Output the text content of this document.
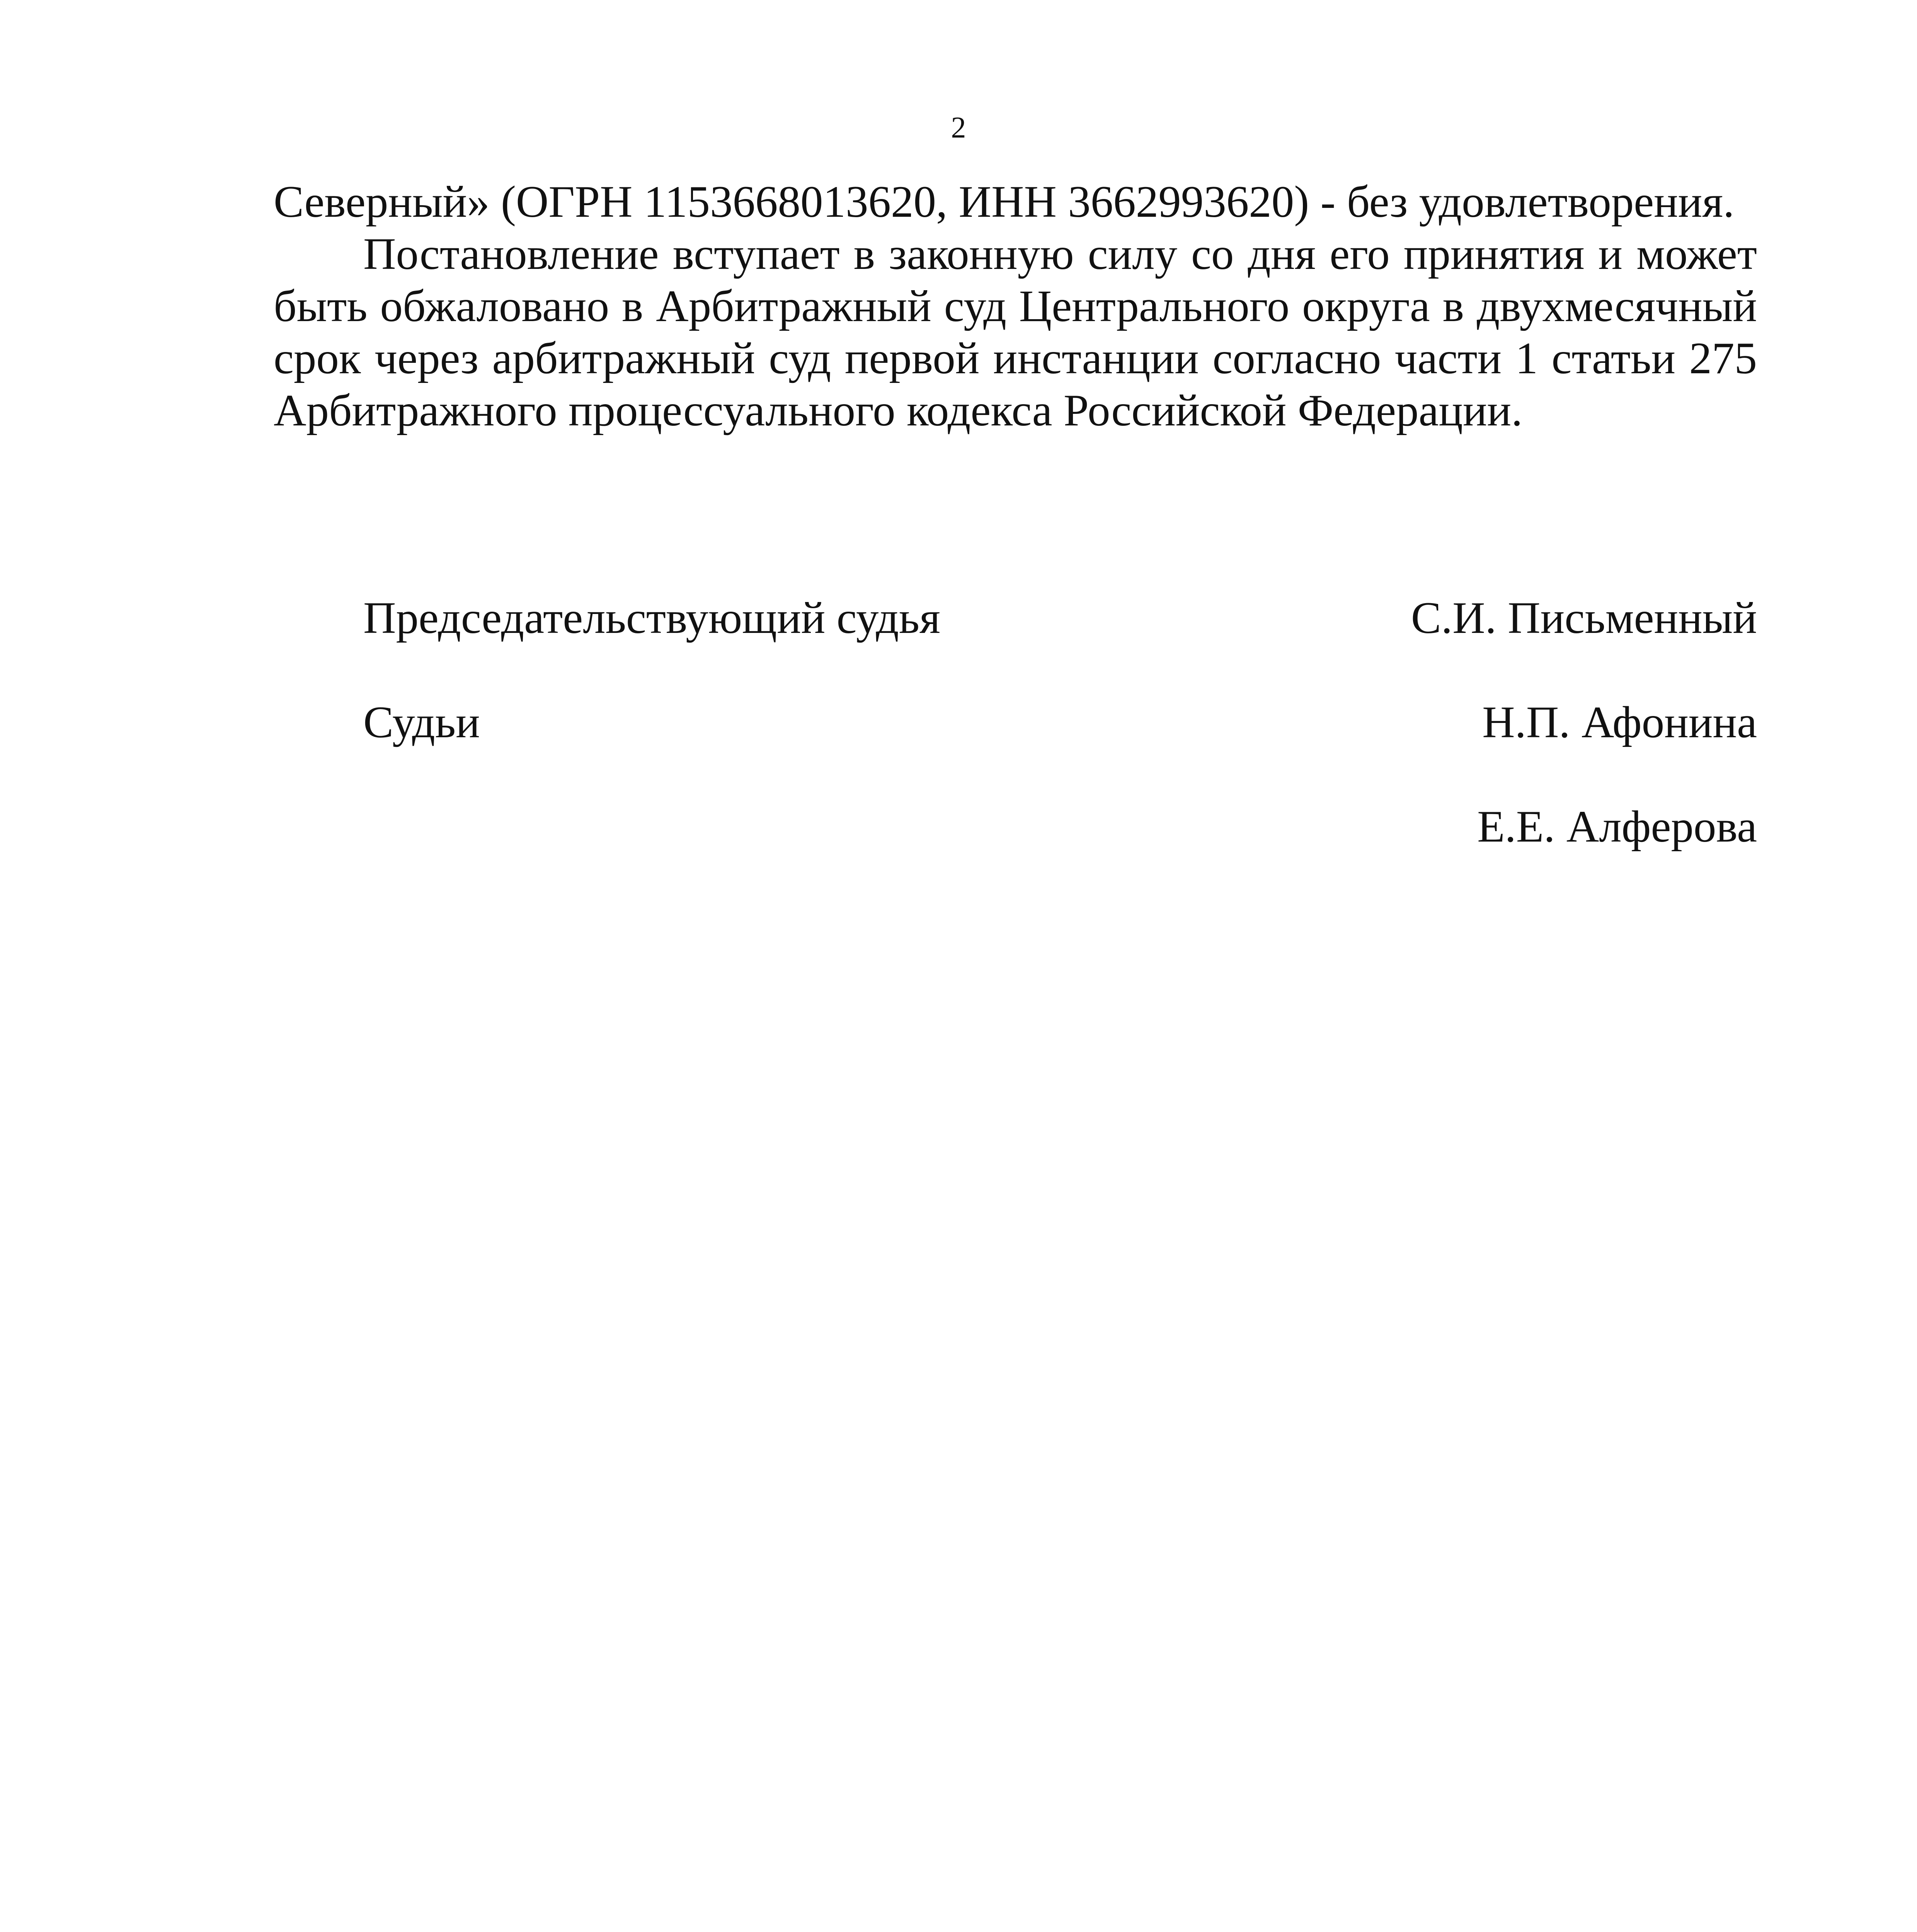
2
Северный» (ОГРН 1153668013620, ИНН 3662993620) - без удовлетворения.
Постановление вступает в законную силу со дня его принятия и может
быть обжаловано в Арбитражный суд Центрального округа в двухмесячный
срок через арбитражный суд первой инстанции согласно части 1 статьи 275
Арбитражного процессуального кодекса Российской Федерации.
Председательствующий судья	С.И. Письменный
Судьи	Н.П. Афонина
Е.Е. Алферова
